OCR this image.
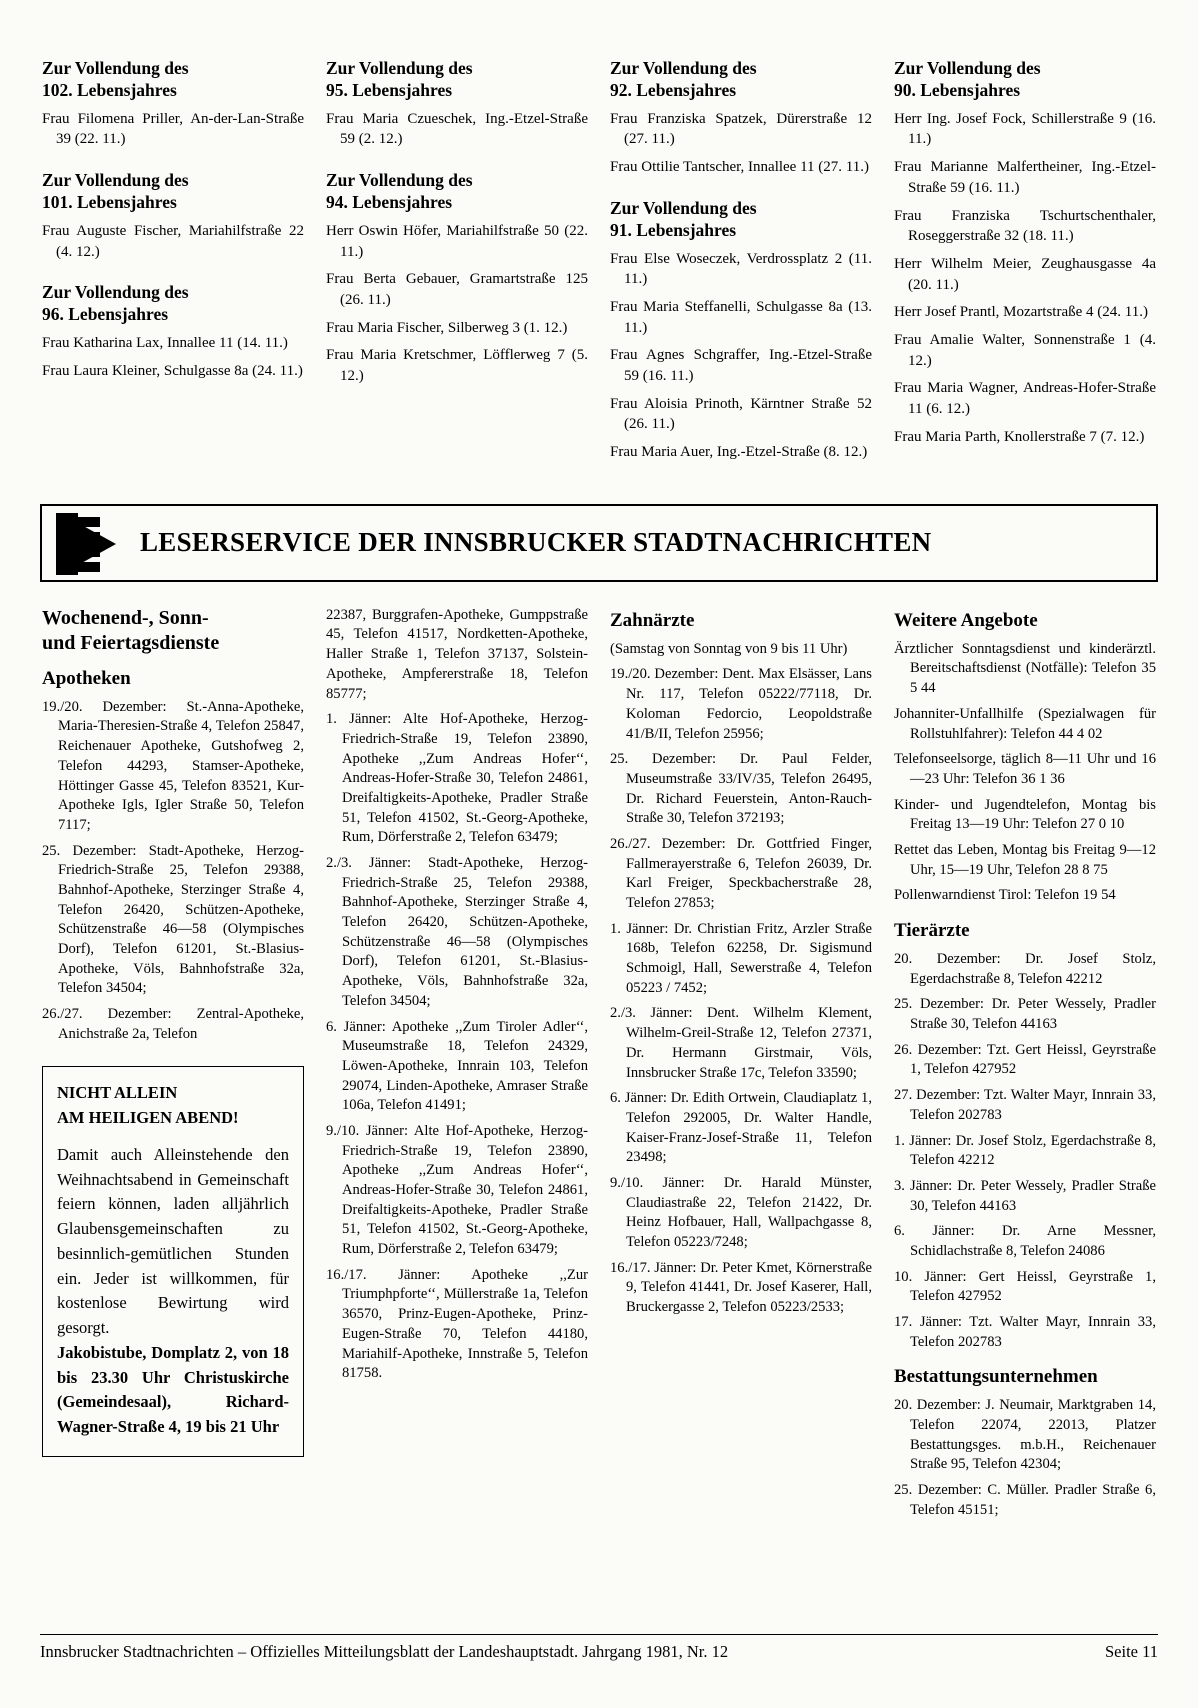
Zur Vollendung des
102. Lebensjahres

Frau Filomena Priller, An-der-Lan-Straße 39 (22. 11.)

Zur Vollendung des
101. Lebensjahres

Frau Auguste Fischer, Mariahilfstraße 22 (4. 12.)

Zur Vollendung des
96. Lebensjahres

Frau Katharina Lax, Innallee 11 (14. 11.)

Frau Laura Kleiner, Schulgasse 8a (24. 11.)

Zur Vollendung des
95. Lebensjahres

Frau Maria Czueschek, Ing.-Etzel-Straße 59 (2. 12.)

Zur Vollendung des
94. Lebensjahres

Herr Oswin Höfer, Mariahilfstraße 50 (22. 11.)

Frau Berta Gebauer, Gramartstraße 125 (26. 11.)

Frau Maria Fischer, Silberweg 3 (1. 12.)

Frau Maria Kretschmer, Löfflerweg 7 (5. 12.)

Zur Vollendung des
92. Lebensjahres

Frau Franziska Spatzek, Dürerstraße 12 (27. 11.)

Frau Ottilie Tantscher, Innallee 11 (27. 11.)

Zur Vollendung des
91. Lebensjahres

Frau Else Woseczek, Verdrossplatz 2 (11. 11.)

Frau Maria Steffanelli, Schulgasse 8a (13. 11.)

Frau Agnes Schgraffer, Ing.-Etzel-Straße 59 (16. 11.)

Frau Aloisia Prinoth, Kärntner Straße 52 (26. 11.)

Frau Maria Auer, Ing.-Etzel-Straße (8. 12.)

Zur Vollendung des
90. Lebensjahres

Herr Ing. Josef Fock, Schillerstraße 9 (16. 11.)

Frau Marianne Malfertheiner, Ing.-Etzel-Straße 59 (16. 11.)

Frau Franziska Tschurtschenthaler, Roseggerstraße 32 (18. 11.)

Herr Wilhelm Meier, Zeughausgasse 4a (20. 11.)

Herr Josef Prantl, Mozartstraße 4 (24. 11.)

Frau Amalie Walter, Sonnenstraße 1 (4. 12.)

Frau Maria Wagner, Andreas-Hofer-Straße 11 (6. 12.)

Frau Maria Parth, Knollerstraße 7 (7. 12.)

LESERSERVICE DER INNSBRUCKER STADTNACHRICHTEN
Wochenend-, Sonn-
und Feiertagsdienste
Apotheken

19./20. Dezember: St.-Anna-Apotheke, Maria-Theresien-Straße 4, Telefon 25847, Reichenauer Apotheke, Gutshofweg 2, Telefon 44293, Stamser-Apotheke, Höttinger Gasse 45, Telefon 83521, Kur-Apotheke Igls, Igler Straße 50, Telefon 7117;

25. Dezember: Stadt-Apotheke, Herzog-Friedrich-Straße 25, Telefon 29388, Bahnhof-Apotheke, Sterzinger Straße 4, Telefon 26420, Schützen-Apotheke, Schützenstraße 46—58 (Olympisches Dorf), Telefon 61201, St.-Blasius-Apotheke, Völs, Bahnhofstraße 32a, Telefon 34504;

26./27. Dezember: Zentral-Apotheke, Anichstraße 2a, Telefon

NICHT ALLEIN
AM HEILIGEN ABEND!

Damit auch Alleinstehende den Weihnachtsabend in Gemeinschaft feiern können, laden alljährlich Glaubensgemeinschaften zu besinnlich-gemütlichen Stunden ein. Jeder ist willkommen, für kostenlose Bewirtung wird gesorgt.

Jakobistube, Domplatz 2, von 18 bis 23.30 Uhr Christuskirche (Gemeindesaal), Richard-Wagner-Straße 4, 19 bis 21 Uhr

22387, Burggrafen-Apotheke, Gumppstraße 45, Telefon 41517, Nordketten-Apotheke, Haller Straße 1, Telefon 37137, Solstein-Apotheke, Ampfererstraße 18, Telefon 85777;

1. Jänner: Alte Hof-Apotheke, Herzog-Friedrich-Straße 19, Telefon 23890, Apotheke ,,Zum Andreas Hofer‘‘, Andreas-Hofer-Straße 30, Telefon 24861, Dreifaltigkeits-Apotheke, Pradler Straße 51, Telefon 41502, St.-Georg-Apotheke, Rum, Dörferstraße 2, Telefon 63479;

2./3. Jänner: Stadt-Apotheke, Herzog-Friedrich-Straße 25, Telefon 29388, Bahnhof-Apotheke, Sterzinger Straße 4, Telefon 26420, Schützen-Apotheke, Schützenstraße 46—58 (Olympisches Dorf), Telefon 61201, St.-Blasius-Apotheke, Völs, Bahnhofstraße 32a, Telefon 34504;

6. Jänner: Apotheke ,,Zum Tiroler Adler‘‘, Museumstraße 18, Telefon 24329, Löwen-Apotheke, Innrain 103, Telefon 29074, Linden-Apotheke, Amraser Straße 106a, Telefon 41491;

9./10. Jänner: Alte Hof-Apotheke, Herzog-Friedrich-Straße 19, Telefon 23890, Apotheke ,,Zum Andreas Hofer‘‘, Andreas-Hofer-Straße 30, Telefon 24861, Dreifaltigkeits-Apotheke, Pradler Straße 51, Telefon 41502, St.-Georg-Apotheke, Rum, Dörferstraße 2, Telefon 63479;

16./17. Jänner: Apotheke ,,Zur Triumphpforte‘‘, Müllerstraße 1a, Telefon 36570, Prinz-Eugen-Apotheke, Prinz-Eugen-Straße 70, Telefon 44180, Mariahilf-Apotheke, Innstraße 5, Telefon 81758.

Zahnärzte

(Samstag von Sonntag von 9 bis 11 Uhr)

19./20. Dezember: Dent. Max Elsässer, Lans Nr. 117, Telefon 05222/77118, Dr. Koloman Fedorcio, Leopoldstraße 41/B/II, Telefon 25956;

25. Dezember: Dr. Paul Felder, Museumstraße 33/IV/35, Telefon 26495, Dr. Richard Feuerstein, Anton-Rauch-Straße 30, Telefon 372193;

26./27. Dezember: Dr. Gottfried Finger, Fallmerayerstraße 6, Telefon 26039, Dr. Karl Freiger, Speckbacherstraße 28, Telefon 27853;

1. Jänner: Dr. Christian Fritz, Arzler Straße 168b, Telefon 62258, Dr. Sigismund Schmoigl, Hall, Sewerstraße 4, Telefon 05223 / 7452;

2./3. Jänner: Dent. Wilhelm Klement, Wilhelm-Greil-Straße 12, Telefon 27371, Dr. Hermann Girstmair, Völs, Innsbrucker Straße 17c, Telefon 33590;

6. Jänner: Dr. Edith Ortwein, Claudiaplatz 1, Telefon 292005, Dr. Walter Handle, Kaiser-Franz-Josef-Straße 11, Telefon 23498;

9./10. Jänner: Dr. Harald Münster, Claudiastraße 22, Telefon 21422, Dr. Heinz Hofbauer, Hall, Wallpachgasse 8, Telefon 05223/7248;

16./17. Jänner: Dr. Peter Kmet, Körnerstraße 9, Telefon 41441, Dr. Josef Kaserer, Hall, Bruckergasse 2, Telefon 05223/2533;

Weitere Angebote

Ärztlicher Sonntagsdienst und kinderärztl. Bereitschaftsdienst (Notfälle): Telefon 35 5 44

Johanniter-Unfallhilfe (Spezialwagen für Rollstuhlfahrer): Telefon 44 4 02

Telefonseelsorge, täglich 8—11 Uhr und 16—23 Uhr: Telefon 36 1 36

Kinder- und Jugendtelefon, Montag bis Freitag 13—19 Uhr: Telefon 27 0 10

Rettet das Leben, Montag bis Freitag 9—12 Uhr, 15—19 Uhr, Telefon 28 8 75

Pollenwarndienst Tirol: Telefon 19 54

Tierärzte

20. Dezember: Dr. Josef Stolz, Egerdachstraße 8, Telefon 42212

25. Dezember: Dr. Peter Wessely, Pradler Straße 30, Telefon 44163

26. Dezember: Tzt. Gert Heissl, Geyrstraße 1, Telefon 427952

27. Dezember: Tzt. Walter Mayr, Innrain 33, Telefon 202783

1. Jänner: Dr. Josef Stolz, Egerdachstraße 8, Telefon 42212

3. Jänner: Dr. Peter Wessely, Pradler Straße 30, Telefon 44163

6. Jänner: Dr. Arne Messner, Schidlachstraße 8, Telefon 24086

10. Jänner: Gert Heissl, Geyrstraße 1, Telefon 427952

17. Jänner: Tzt. Walter Mayr, Innrain 33, Telefon 202783

Bestattungsunternehmen

20. Dezember: J. Neumair, Marktgraben 14, Telefon 22074, 22013, Platzer Bestattungsges. m.b.H., Reichenauer Straße 95, Telefon 42304;

25. Dezember: C. Müller. Pradler Straße 6, Telefon 45151;

Innsbrucker Stadtnachrichten – Offizielles Mitteilungsblatt der Landeshauptstadt. Jahrgang 1981, Nr. 12	Seite 11
